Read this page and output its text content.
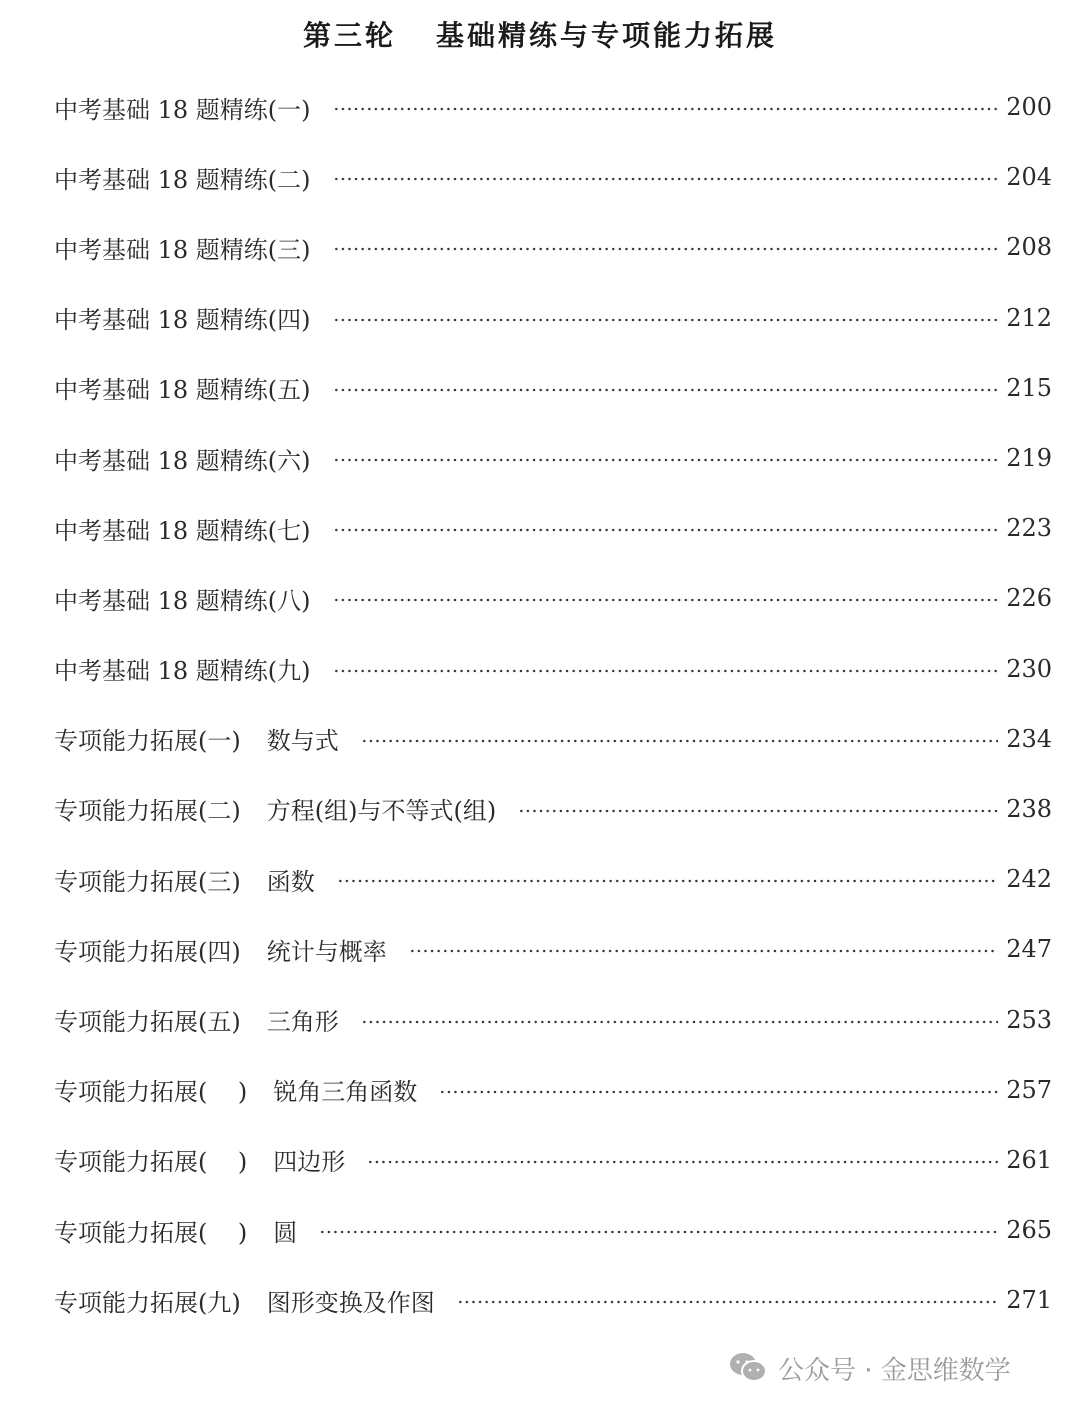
第三轮 基础精练与专项能力拓展
中考基础 18 题精练(一)	200
中考基础 18 题精练(二)	204
中考基础 18 题精练(三)	208
中考基础 18 题精练(四)	212
中考基础 18 题精练(五)	215
中考基础 18 题精练(六)	219
中考基础 18 题精练(七)	223
中考基础 18 题精练(八)	226
中考基础 18 题精练(九)	230
专项能力拓展(一) 数与式	234
专项能力拓展(二) 方程(组)与不等式(组)	238
专项能力拓展(三) 函数	242
专项能力拓展(四) 统计与概率	247
专项能力拓展(五) 三角形	253
专项能力拓展(    ) 锐角三角函数	257
专项能力拓展(    ) 四边形	261
专项能力拓展(    ) 圆	265
专项能力拓展(九) 图形变换及作图	271
公众号 · 金思维数学
